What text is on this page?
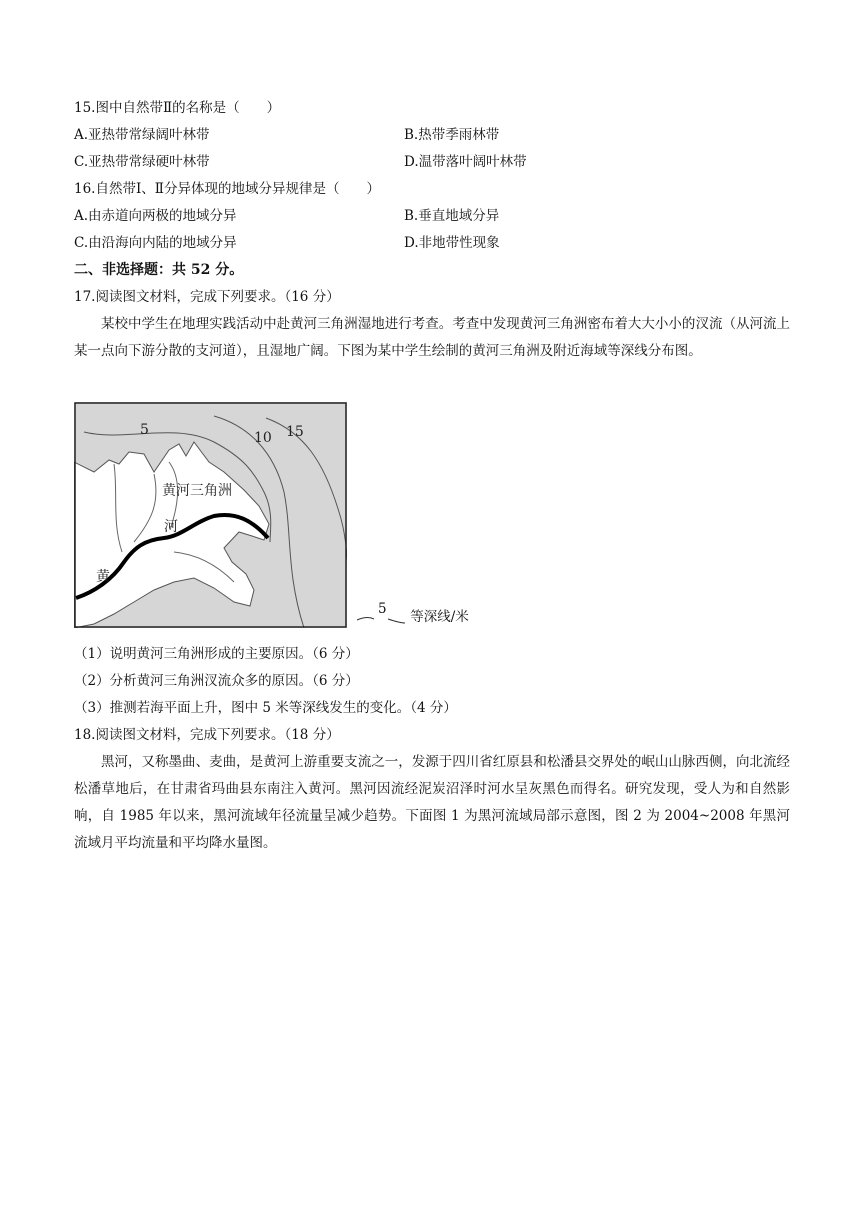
15.图中自然带Ⅱ的名称是（　　）
A.亚热带常绿阔叶林带	B.热带季雨林带
C.亚热带常绿硬叶林带	D.温带落叶阔叶林带
16.自然带Ⅰ、Ⅱ分异体现的地域分异规律是（　　）
A.由赤道向两极的地域分异	B.垂直地域分异
C.由沿海向内陆的地域分异	D.非地带性现象
二、非选择题：共 52 分。
17.阅读图文材料，完成下列要求。（16 分）
某校中学生在地理实践活动中赴黄河三角洲湿地进行考查。考查中发现黄河三角洲密布着大大小小的汊流（从河流上某一点向下游分散的支河道），且湿地广阔。下图为某中学生绘制的黄河三角洲及附近海域等深线分布图。
5	10 15
黄河三角洲
河
黄

5 等深线/米
（1）说明黄河三角洲形成的主要原因。（6 分）
（2）分析黄河三角洲汊流众多的原因。（6 分）
（3）推测若海平面上升，图中 5 米等深线发生的变化。（4 分）
18.阅读图文材料，完成下列要求。（18 分）
黑河，又称墨曲、麦曲，是黄河上游重要支流之一，发源于四川省红原县和松潘县交界处的岷山山脉西侧，向北流经松潘草地后，在甘肃省玛曲县东南注入黄河。黑河因流经泥炭沼泽时河水呈灰黑色而得名。研究发现，受人为和自然影响，自 1985 年以来，黑河流域年径流量呈减少趋势。下面图 1 为黑河流域局部示意图，图 2 为 2004~2008 年黑河流域月平均流量和平均降水量图。
